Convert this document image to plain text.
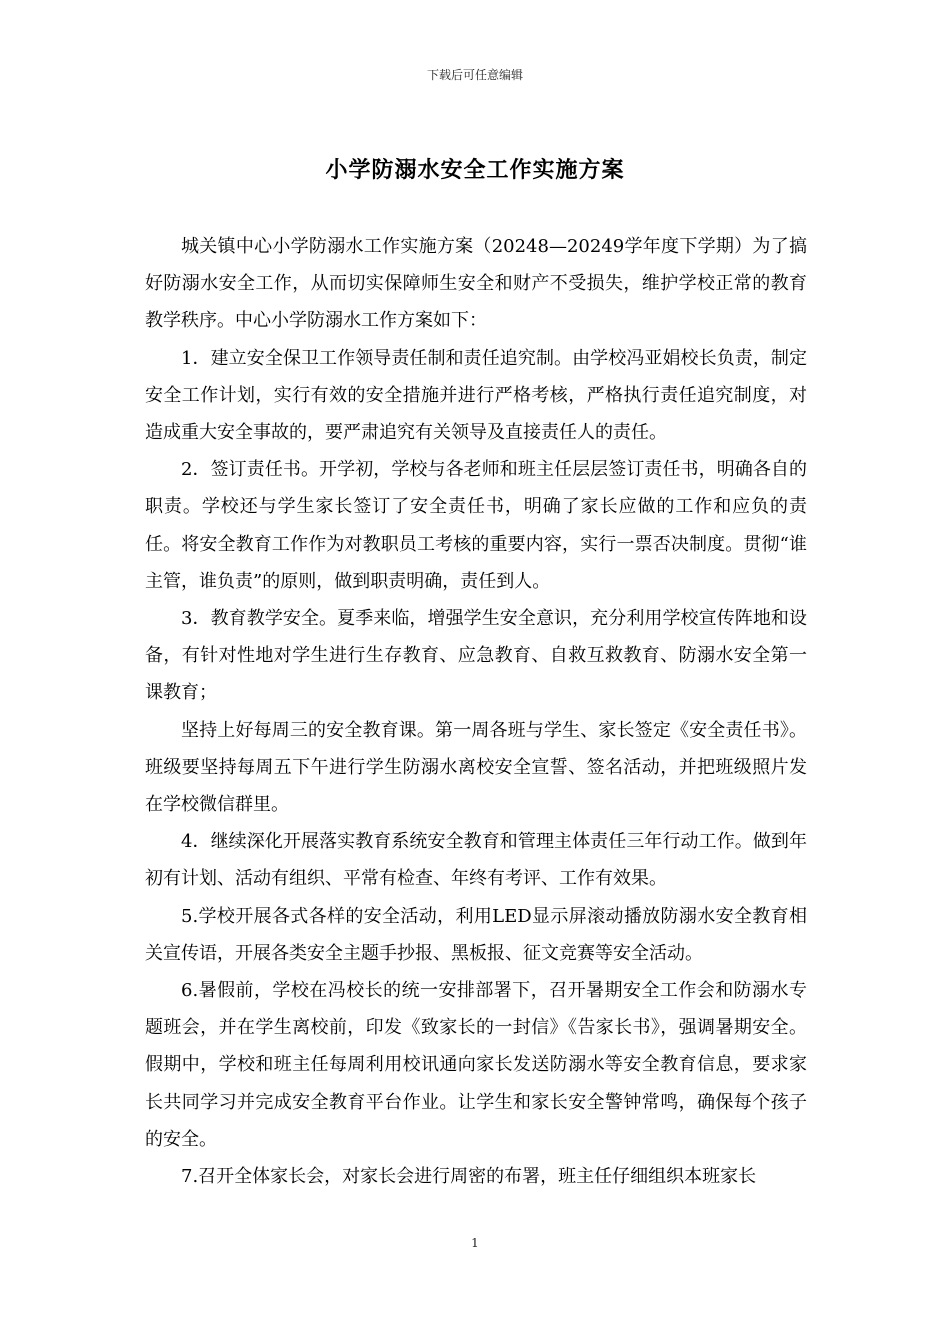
下载后可任意编辑
小学防溺水安全工作实施方案

城关镇中心小学防溺水工作实施方案（20248—20249学年度下学期）为了搞好防溺水安全工作，从而切实保障师生安全和财产不受损失，维护学校正常的教育教学秩序。中心小学防溺水工作方案如下：

1．建立安全保卫工作领导责任制和责任追究制。由学校冯亚娟校长负责，制定安全工作计划，实行有效的安全措施并进行严格考核，严格执行责任追究制度，对造成重大安全事故的，要严肃追究有关领导及直接责任人的责任。

2．签订责任书。开学初，学校与各老师和班主任层层签订责任书，明确各自的职责。学校还与学生家长签订了安全责任书，明确了家长应做的工作和应负的责任。将安全教育工作作为对教职员工考核的重要内容，实行一票否决制度。贯彻“谁主管，谁负责”的原则，做到职责明确，责任到人。

3．教育教学安全。夏季来临，增强学生安全意识，充分利用学校宣传阵地和设备，有针对性地对学生进行生存教育、应急教育、自救互救教育、防溺水安全第一课教育；

坚持上好每周三的安全教育课。第一周各班与学生、家长签定《安全责任书》。班级要坚持每周五下午进行学生防溺水离校安全宣誓、签名活动，并把班级照片发在学校微信群里。

4．继续深化开展落实教育系统安全教育和管理主体责任三年行动工作。做到年初有计划、活动有组织、平常有检查、年终有考评、工作有效果。

5.学校开展各式各样的安全活动，利用LED显示屏滚动播放防溺水安全教育相关宣传语，开展各类安全主题手抄报、黑板报、征文竞赛等安全活动。

6.暑假前，学校在冯校长的统一安排部署下，召开暑期安全工作会和防溺水专题班会，并在学生离校前，印发《致家长的一封信》《告家长书》，强调暑期安全。假期中，学校和班主任每周利用校讯通向家长发送防溺水等安全教育信息，要求家长共同学习并完成安全教育平台作业。让学生和家长安全警钟常鸣，确保每个孩子的安全。

7.召开全体家长会，对家长会进行周密的布署，班主任仔细组织本班家长

1
